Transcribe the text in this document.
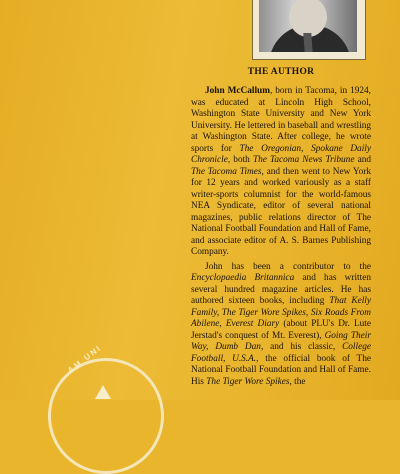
THE AUTHOR

John McCallum, born in Tacoma, in 1924, was educated at Lincoln High School, Washington State University and New York University. He lettered in baseball and wrestling at Washington State. After college, he wrote sports for The Oregonian, Spokane Daily Chronicle, both The Tacoma News Tribune and The Tacoma Times, and then went to New York for 12 years and worked variously as a staff writer-sports columnist for the world-famous NEA Syndicate, editor of several national magazines, public relations director of The National Football Foundation and Hall of Fame, and associate editor of A. S. Barnes Publishing Company.

John has been a contributor to the Encyclopaedia Britannica and has written several hundred magazine articles. He has authored sixteen books, including That Kelly Family, The Tiger Wore Spikes, Six Roads From Abilene, Everest Diary (about PLU's Dr. Lute Jerstad's conquest of Mt. Everest), Going Their Way, Dumb Dan, and his classic, College Football, U.S.A., the official book of The National Football Foundation and Hall of Fame. His The Tiger Wore Spikes, the

AM UNI
